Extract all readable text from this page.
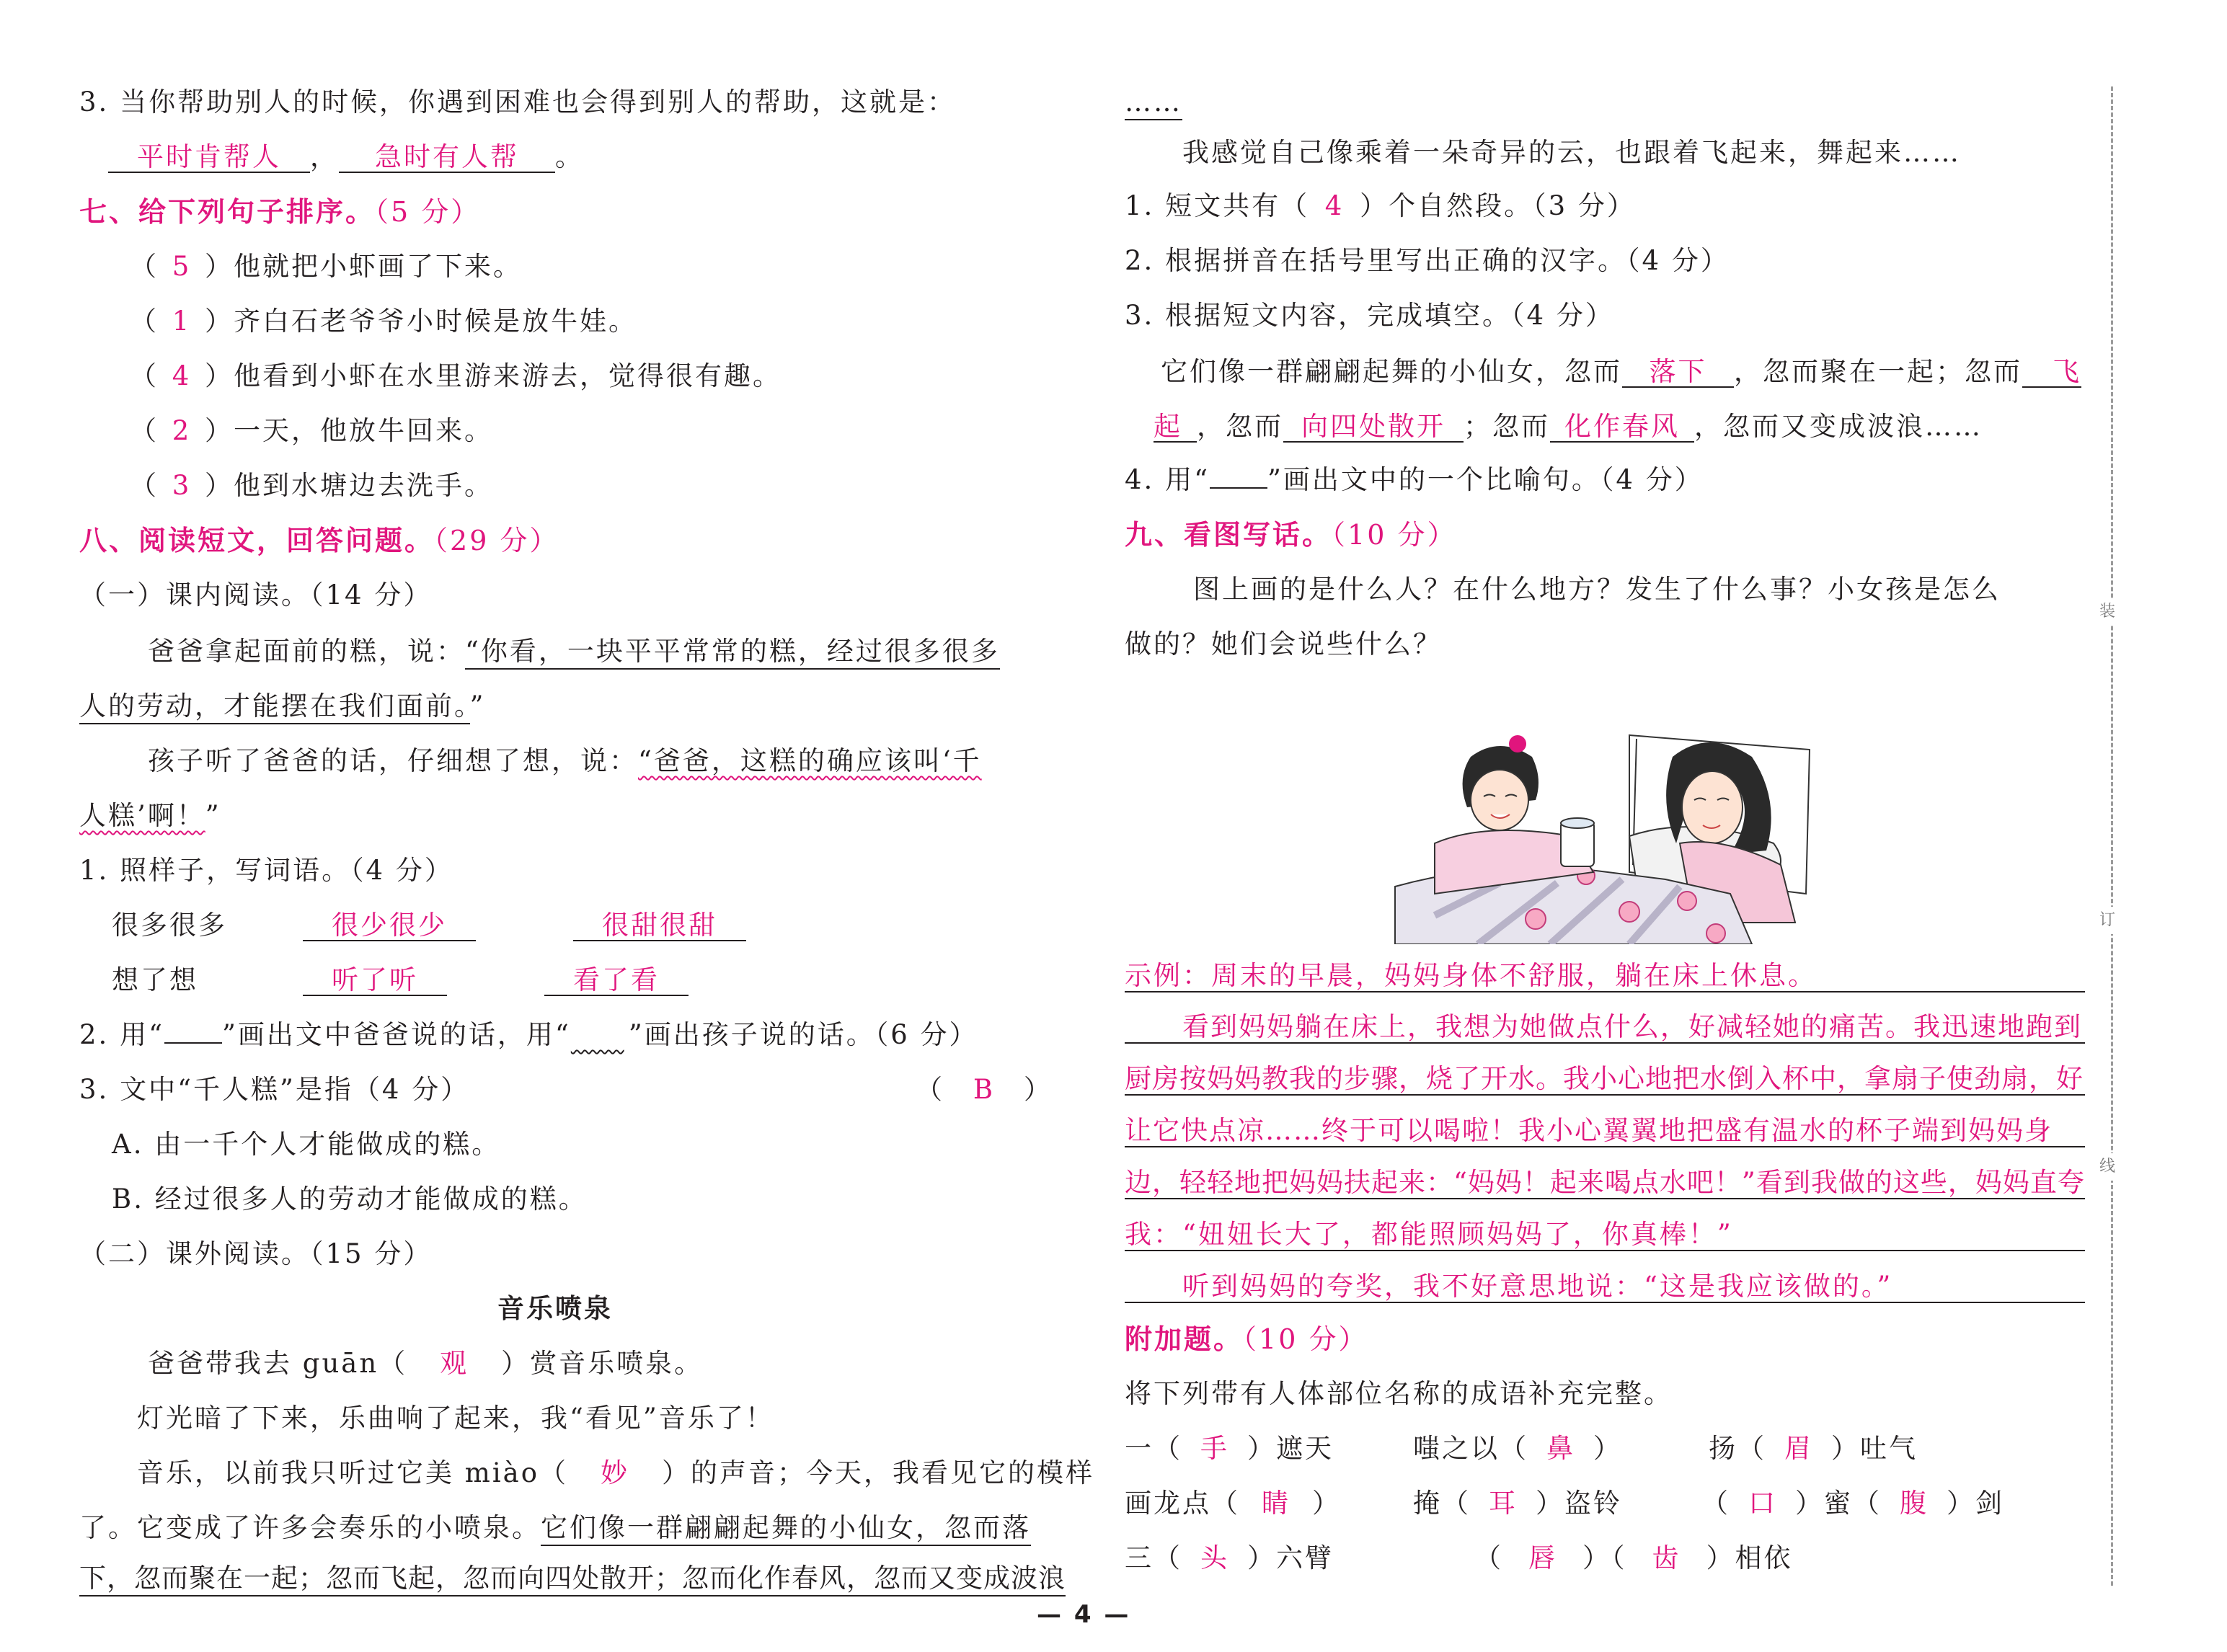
3. 当你帮助别人的时候，你遇到困难也会得到别人的帮助，这就是：
平时肯帮人 ， 急时有人帮 。
七、给下列句子排序。（5 分）
（ 5 ）他就把小虾画了下来。
（ 1 ）齐白石老爷爷小时候是放牛娃。
（ 4 ）他看到小虾在水里游来游去，觉得很有趣。
（ 2 ）一天，他放牛回来。
（ 3 ）他到水塘边去洗手。
八、阅读短文，回答问题。（29 分）
（一）课内阅读。（14 分）
爸爸拿起面前的糕，说：“你看，一块平平常常的糕，经过很多很多
人的劳动，才能摆在我们面前。”
孩子听了爸爸的话，仔细想了想，说：“爸爸，这糕的确应该叫‘千
人糕’啊！”
1. 照样子，写词语。（4 分）
很多很多	很少很少	很甜很甜
想了想	听了听	看了看
2. 用“ ”画出文中爸爸说的话，用“​     ”画出孩子说的话。（6 分）
3. 文中“千人糕”是指（4 分）	（ B ）
A. 由一千个人才能做成的糕。
B. 经过很多人的劳动才能做成的糕。
（二）课外阅读。（15 分）
音乐喷泉
爸爸带我去 guān（ 观 ）赏音乐喷泉。
灯光暗了下来，乐曲响了起来，我“看见”音乐了！
音乐，以前我只听过它美 miào（ 妙 ）的声音；今天，我看见它的模样
了。它变成了许多会奏乐的小喷泉。它们像一群翩翩起舞的小仙女，忽而落
下，忽而聚在一起；忽而飞起，忽而向四处散开；忽而化作春风，忽而又变成波浪
……
我感觉自己像乘着一朵奇异的云，也跟着飞起来，舞起来……
1. 短文共有（ 4 ）个自然段。（3 分）
2. 根据拼音在括号里写出正确的汉字。（4 分）
3. 根据短文内容，完成填空。（4 分）
它们像一群翩翩起舞的小仙女，忽而 落下 ，忽而聚在一起；忽而 飞
起 ，忽而 向四处散开 ；忽而 化作春风 ，忽而又变成波浪……
4. 用“ ”画出文中的一个比喻句。（4 分）
九、看图写话。（10 分）
图上画的是什么人？在什么地方？发生了什么事？小女孩是怎么
做的？她们会说些什么？
示例：周末的早晨，妈妈身体不舒服，躺在床上休息。
看到妈妈躺在床上，我想为她做点什么，好减轻她的痛苦。我迅速地跑到
厨房按妈妈教我的步骤，烧了开水。我小心地把水倒入杯中，拿扇子使劲扇，好
让它快点凉……终于可以喝啦！我小心翼翼地把盛有温水的杯子端到妈妈身
边，轻轻地把妈妈扶起来：“妈妈！起来喝点水吧！”看到我做的这些，妈妈直夸
我：“妞妞长大了，都能照顾妈妈了，你真棒！”
听到妈妈的夸奖，我不好意思地说：“这是我应该做的。”
附加题。（10 分）
将下列带有人体部位名称的成语补充完整。
一（ 手 ）遮天	嗤之以（ 鼻 ）	扬（ 眉 ）吐气
画龙点（ 睛 ）	掩（ 耳 ）盗铃	（ 口 ）蜜（ 腹 ）剑
三（ 头 ）六臂	（ 唇 ）（ 齿 ）相依
装
订
线
— 4 —
